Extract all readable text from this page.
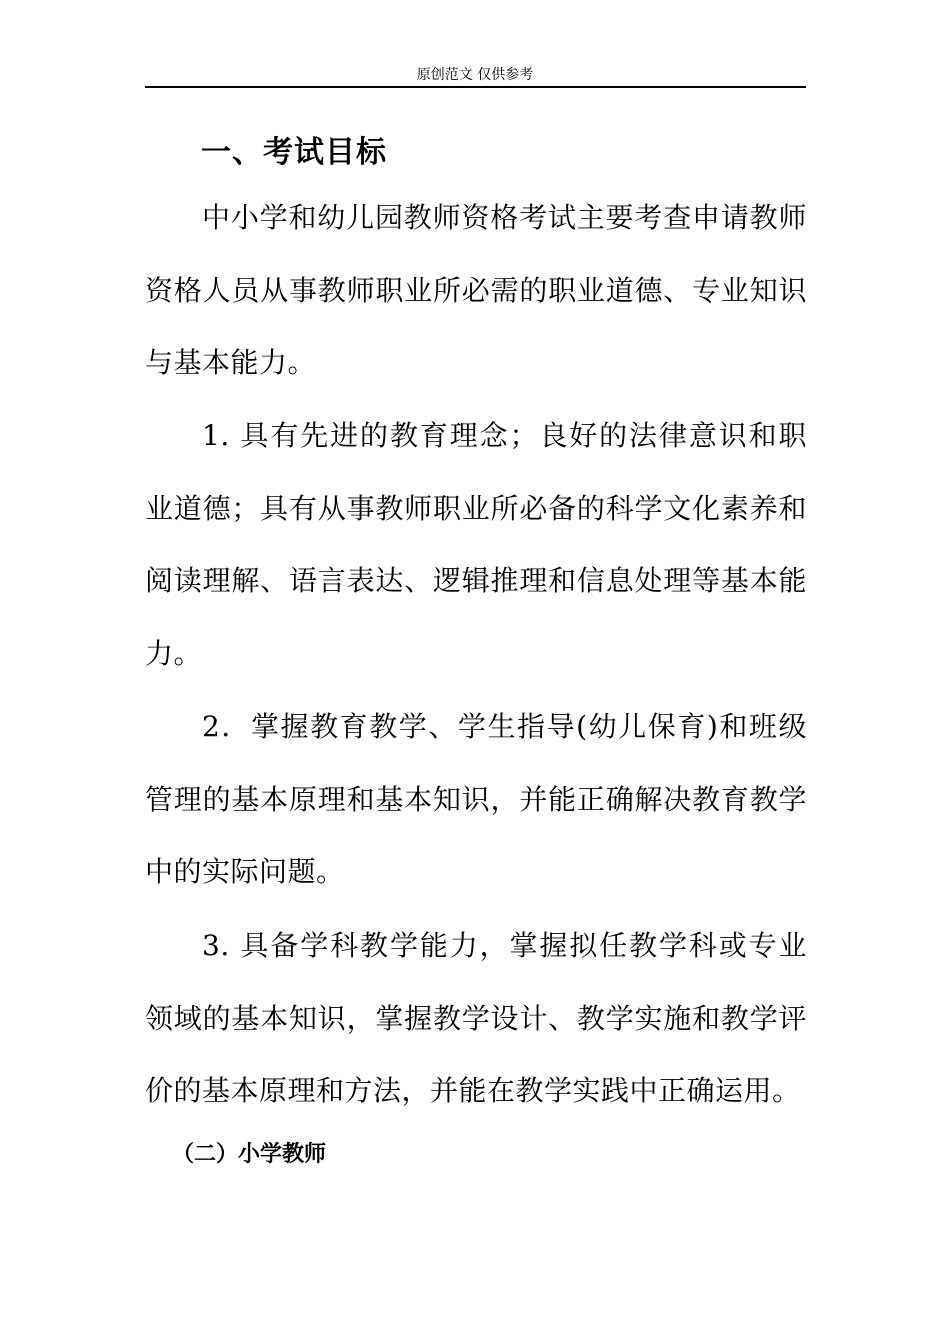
原创范文 仅供参考
一、考试目标

中小学和幼儿园教师资格考试主要考查申请教师资格人员从事教师职业所必需的职业道德、专业知识与基本能力。

1. 具有先进的教育理念；良好的法律意识和职业道德；具有从事教师职业所必备的科学文化素养和阅读理解、语言表达、逻辑推理和信息处理等基本能力。

2．掌握教育教学、学生指导(幼儿保育)和班级管理的基本原理和基本知识，并能正确解决教育教学中的实际问题。

3. 具备学科教学能力，掌握拟任教学科或专业领域的基本知识，掌握教学设计、教学实施和教学评价的基本原理和方法，并能在教学实践中正确运用。

（二）小学教师
